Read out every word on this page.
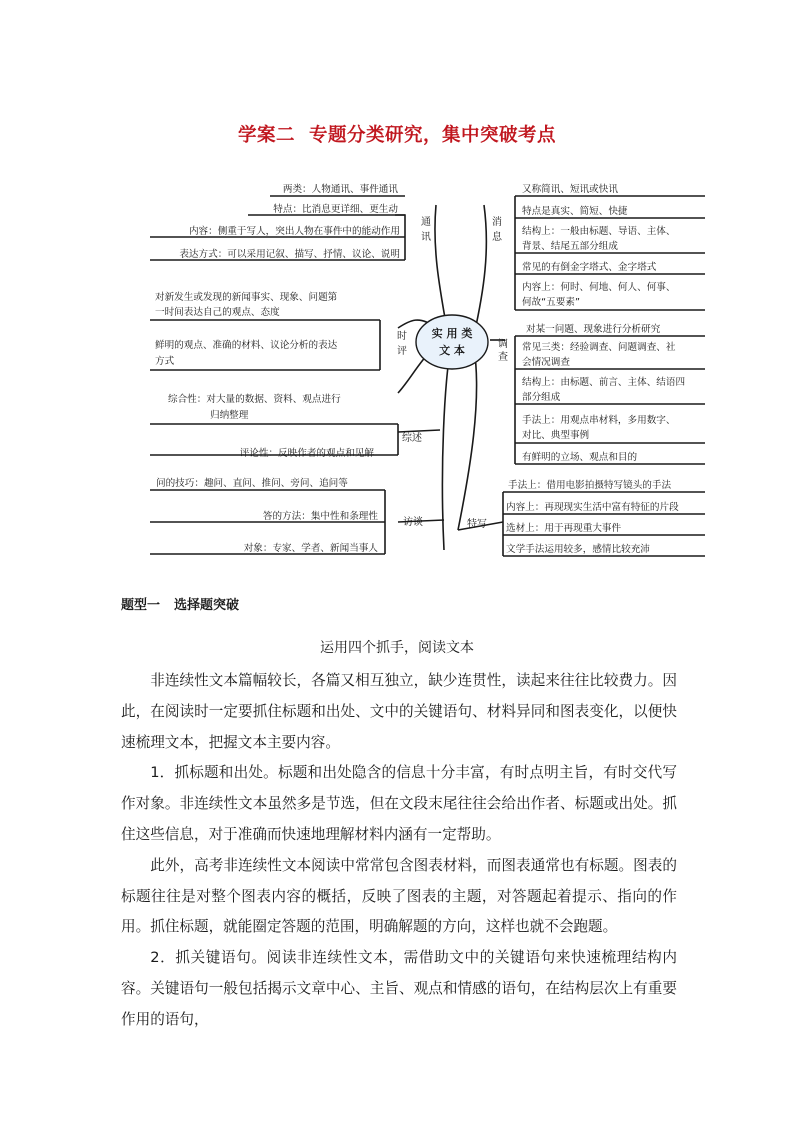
学案二 专题分类研究，集中突破考点
实 用 类
文 本
通
讯
时
评
综述
访谈
消
息
调
查
特写
两类：人物通讯、事件通讯
特点：比消息更详细、更生动
内容：侧重于写人，突出人物在事件中的能动作用
表达方式：可以采用记叙、描写、抒情、议论、说明
评论性：反映作者的观点和见解
答的方法：集中性和条理性
对象：专家、学者、新闻当事人
对新发生或发现的新闻事实、现象、问题第
一时间表达自己的观点、态度
鲜明的观点、准确的材料、议论分析的表达
方式
综合性：对大量的数据、资料、观点进行
归纳整理
问的技巧：趣问、直问、推问、旁问、追问等
又称简讯、短讯或快讯
特点是真实、简短、快捷
结构上：一般由标题、导语、主体、
背景、结尾五部分组成
常见的有倒金字塔式、金字塔式
内容上：何时、何地、何人、何事、
何故“五要素”
对某一问题、现象进行分析研究
常见三类：经验调查、问题调查、社
会情况调查
结构上：由标题、前言、主体、结语四
部分组成
手法上：用观点串材料，多用数字、
对比、典型事例
有鲜明的立场、观点和目的
手法上：借用电影拍摄特写镜头的手法
内容上：再现现实生活中富有特征的片段
选材上：用于再现重大事件
文学手法运用较多，感情比较充沛
题型一 选择题突破
运用四个抓手，阅读文本

非连续性文本篇幅较长，各篇又相互独立，缺少连贯性，读起来往往比较费力。因此，在阅读时一定要抓住标题和出处、文中的关键语句、材料异同和图表变化，以便快速梳理文本，把握文本主要内容。

1．抓标题和出处。标题和出处隐含的信息十分丰富，有时点明主旨，有时交代写作对象。非连续性文本虽然多是节选，但在文段末尾往往会给出作者、标题或出处。抓住这些信息，对于准确而快速地理解材料内涵有一定帮助。

此外，高考非连续性文本阅读中常常包含图表材料，而图表通常也有标题。图表的标题往往是对整个图表内容的概括，反映了图表的主题，对答题起着提示、指向的作用。抓住标题，就能圈定答题的范围，明确解题的方向，这样也就不会跑题。

2．抓关键语句。阅读非连续性文本，需借助文中的关键语句来快速梳理结构内容。关键语句一般包括揭示文章中心、主旨、观点和情感的语句，在结构层次上有重要作用的语句，
